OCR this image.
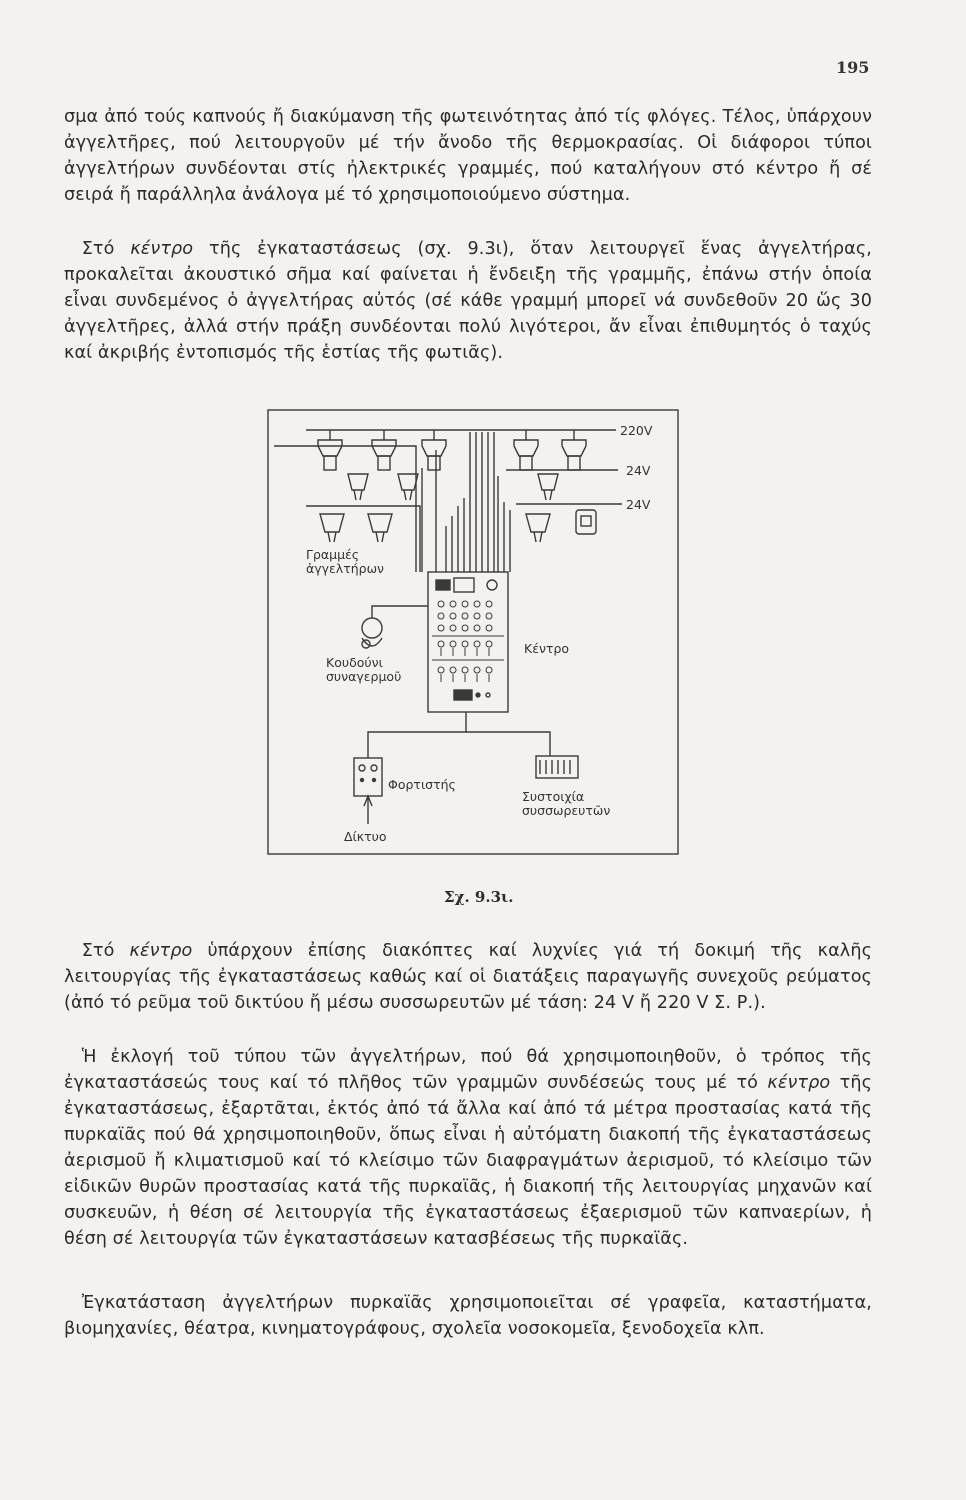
195

σμα ἀπό τούς καπνούς ἤ διακύμανση τῆς φωτεινότητας ἀπό τίς φλόγες. Τέλος, ὑπάρχουν ἀγγελτῆρες, πού λειτουργοῦν μέ τήν ἄνοδο τῆς θερμοκρασίας. Οἱ διάφοροι τύποι ἀγγελτήρων συνδέονται στίς ἠλεκτρικές γραμμές, πού καταλήγουν στό κέντρο ἤ σέ σειρά ἤ παράλληλα ἀνάλογα μέ τό χρησιμοποιούμενο σύστημα.

 Στό κέντρο τῆς ἐγκαταστάσεως (σχ. 9.3ι), ὅταν λειτουργεῖ ἕνας ἀγγελτήρας, προκαλεῖται ἀκουστικό σῆμα καί φαίνεται ἡ ἔνδειξη τῆς γραμμῆς, ἐπάνω στήν ὁποία εἶναι συνδεμένος ὁ ἀγγελτήρας αὐτός (σέ κάθε γραμμή μπορεῖ νά συνδεθοῦν 20 ὥς 30 ἀγγελτῆρες, ἀλλά στήν πράξη συνδέονται πολύ λιγότεροι, ἄν εἶναι ἐπιθυμητός ὁ ταχύς καί ἀκριβής ἐντοπισμός τῆς ἑστίας τῆς φωτιᾶς).

220V
24V
24V
Γραμμές
ἀγγελτήρων
Κουδούνι
συναγερμοῦ
Κέντρο
Φορτιστής
Δίκτυο
Συστοιχία
συσσωρευτῶν
Σχ. 9.3ι.

 Στό κέντρο ὑπάρχουν ἐπίσης διακόπτες καί λυχνίες γιά τή δοκιμή τῆς καλῆς λειτουργίας τῆς ἐγκαταστάσεως καθώς καί οἱ διατάξεις παραγωγῆς συνεχοῦς ρεύματος (ἀπό τό ρεῦμα τοῦ δικτύου ἤ μέσω συσσωρευτῶν μέ τάση: 24 V ἤ 220 V Σ. Ρ.).

 Ἡ ἐκλογή τοῦ τύπου τῶν ἀγγελτήρων, πού θά χρησιμοποιηθοῦν, ὁ τρόπος τῆς ἐγκαταστάσεώς τους καί τό πλῆθος τῶν γραμμῶν συνδέσεώς τους μέ τό κέντρο τῆς ἐγκαταστάσεως, ἐξαρτᾶται, ἐκτός ἀπό τά ἄλλα καί ἀπό τά μέτρα προστασίας κατά τῆς πυρκαϊᾶς πού θά χρησιμοποιηθοῦν, ὅπως εἶναι ἡ αὐτόματη διακοπή τῆς ἐγκαταστάσεως ἀερισμοῦ ἤ κλιματισμοῦ καί τό κλείσιμο τῶν διαφραγμάτων ἀερισμοῦ, τό κλείσιμο τῶν εἰδικῶν θυρῶν προστασίας κατά τῆς πυρκαϊᾶς, ἡ διακοπή τῆς λειτουργίας μηχανῶν καί συσκευῶν, ἡ θέση σέ λειτουργία τῆς ἐγκαταστάσεως ἐξαερισμοῦ τῶν καπναερίων, ἡ θέση σέ λειτουργία τῶν ἐγκαταστάσεων κατασβέσεως τῆς πυρκαϊᾶς.

 Ἐγκατάσταση ἀγγελτήρων πυρκαϊᾶς χρησιμοποιεῖται σέ γραφεῖα, καταστήματα, βιομηχανίες, θέατρα, κινηματογράφους, σχολεῖα νοσοκομεῖα, ξενοδοχεῖα κλπ.
